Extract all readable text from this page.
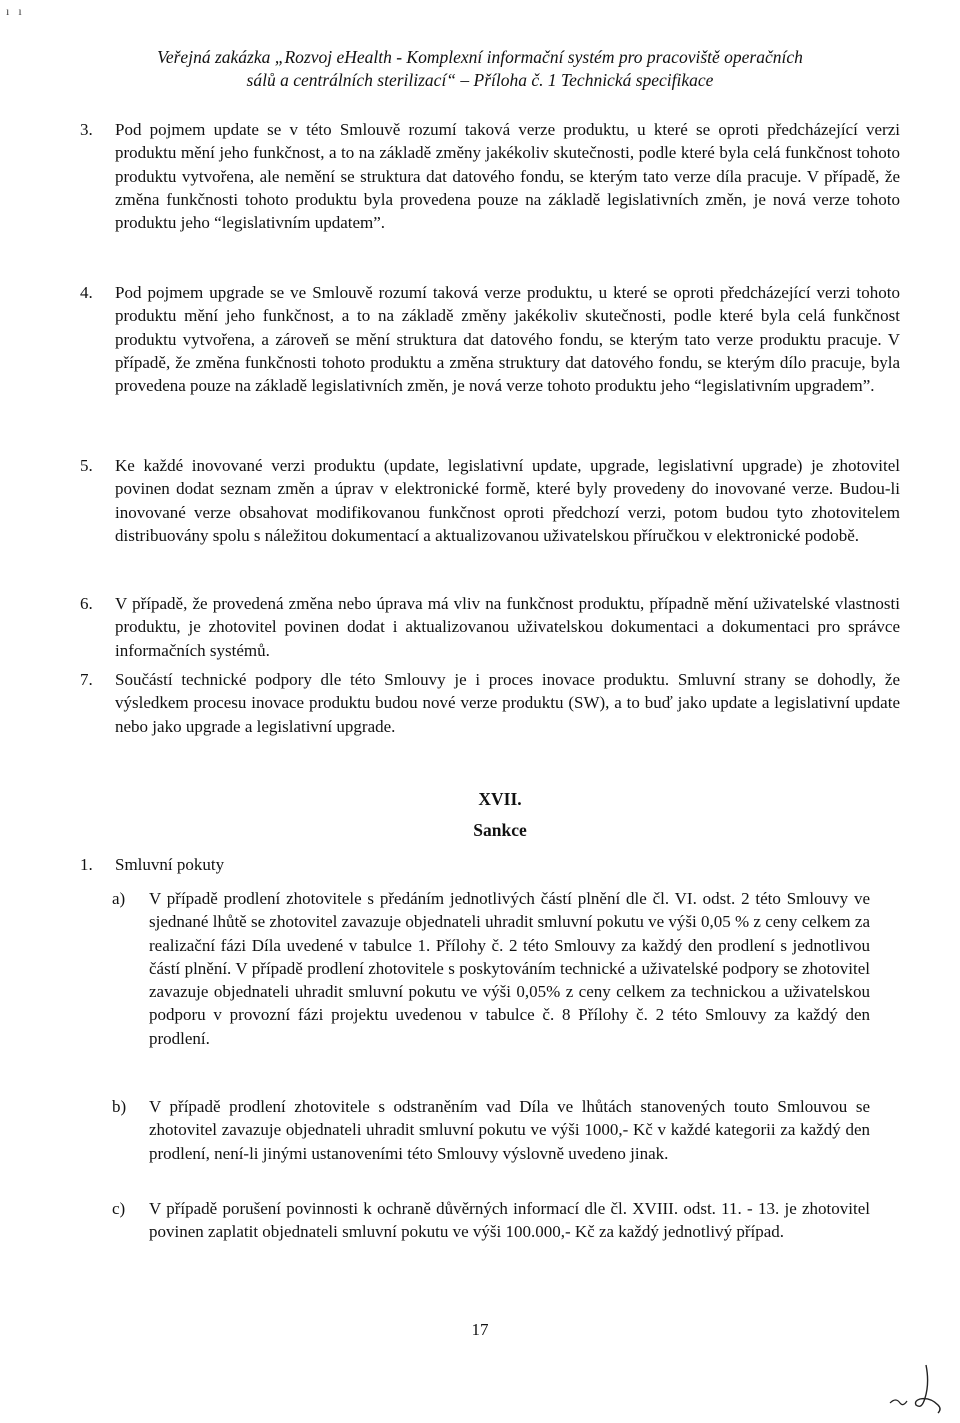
ı   ı
Veřejná zakázka „Rozvoj eHealth - Komplexní informační systém pro pracoviště operačních
sálů a centrálních sterilizací“ – Příloha č. 1 Technická specifikace
3. Pod pojmem update se v této Smlouvě rozumí taková verze produktu, u které se oproti předcházející verzi produktu mění jeho funkčnost, a to na základě změny jakékoliv skutečnosti, podle které byla celá funkčnost tohoto produktu vytvořena, ale nemění se struktura dat datového fondu, se kterým tato verze díla pracuje. V případě, že změna funkčnosti tohoto produktu byla provedena pouze na základě legislativních změn, je nová verze tohoto produktu jeho “legislativním updatem”.
4. Pod pojmem upgrade se ve Smlouvě rozumí taková verze produktu, u které se oproti předcházející verzi tohoto produktu mění jeho funkčnost, a to na základě změny jakékoliv skutečnosti, podle které byla celá funkčnost produktu vytvořena, a zároveň se mění struktura dat datového fondu, se kterým tato verze produktu pracuje. V případě, že změna funkčnosti tohoto produktu a změna struktury dat datového fondu, se kterým dílo pracuje, byla provedena pouze na základě legislativních změn, je nová verze tohoto produktu jeho “legislativním upgradem”.
5. Ke každé inovované verzi produktu (update, legislativní update, upgrade, legislativní upgrade) je zhotovitel povinen dodat seznam změn a úprav v elektronické formě, které byly provedeny do inovované verze. Budou-li inovované verze obsahovat modifikovanou funkčnost oproti předchozí verzi, potom budou tyto zhotovitelem distribuovány spolu s náležitou dokumentací a aktualizovanou uživatelskou příručkou v elektronické podobě.
6. V případě, že provedená změna nebo úprava má vliv na funkčnost produktu, případně mění uživatelské vlastnosti produktu, je zhotovitel povinen dodat i aktualizovanou uživatelskou dokumentaci a dokumentaci pro správce informačních systémů.
7. Součástí technické podpory dle této Smlouvy je i proces inovace produktu. Smluvní strany se dohodly, že výsledkem procesu inovace produktu budou nové verze produktu (SW), a to buď jako update a legislativní update nebo jako upgrade a legislativní upgrade.
XVII.
Sankce
1. Smluvní pokuty
a) V případě prodlení zhotovitele s předáním jednotlivých částí plnění dle čl. VI. odst. 2 této Smlouvy ve sjednané lhůtě se zhotovitel zavazuje objednateli uhradit smluvní pokutu ve výši 0,05 % z ceny celkem za realizační fázi Díla uvedené v tabulce 1. Přílohy č. 2 této Smlouvy za každý den prodlení s jednotlivou částí plnění. V případě prodlení zhotovitele s poskytováním technické a uživatelské podpory se zhotovitel zavazuje objednateli uhradit smluvní pokutu ve výši 0,05% z ceny celkem za technickou a uživatelskou podporu v provozní fázi projektu uvedenou v tabulce č. 8 Přílohy č. 2 této Smlouvy za každý den prodlení.
b) V případě prodlení zhotovitele s odstraněním vad Díla ve lhůtách stanovených touto Smlouvou se zhotovitel zavazuje objednateli uhradit smluvní pokutu ve výši 1000,- Kč v každé kategorii za každý den prodlení, není-li jinými ustanoveními této Smlouvy výslovně uvedeno jinak.
c) V případě porušení povinnosti k ochraně důvěrných informací dle čl. XVIII. odst. 11. - 13. je zhotovitel povinen zaplatit objednateli smluvní pokutu ve výši 100.000,- Kč za každý jednotlivý případ.
17
